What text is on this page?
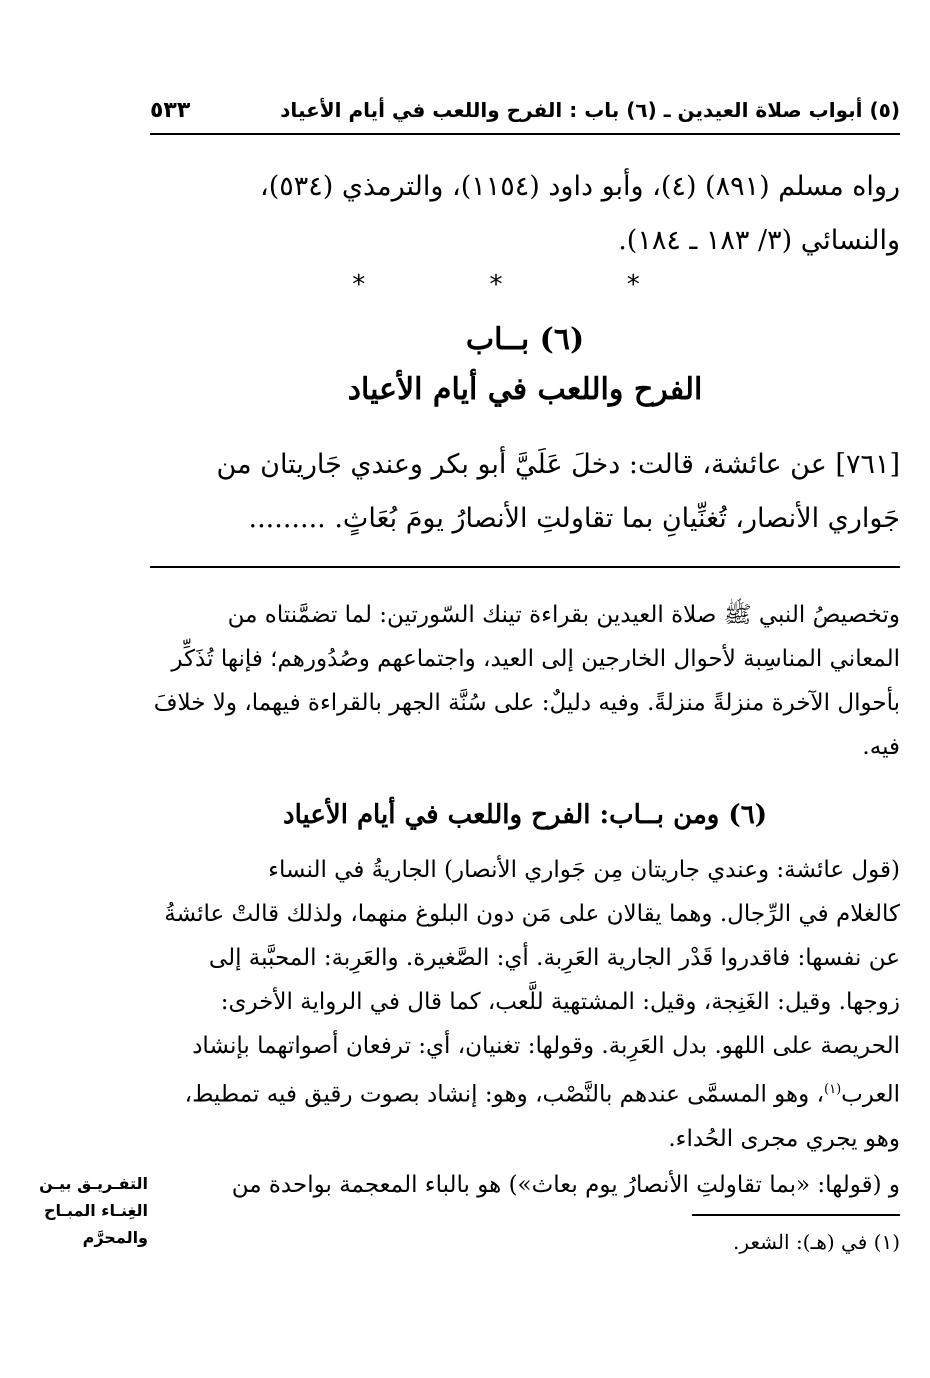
(٥) أبواب صلاة العيدين ـ (٦) باب : الفرح واللعب في أيام الأعياد
٥٣٣
رواه مسلم (٨٩١) (٤)، وأبو داود (١١٥٤)، والترمذي (٥٣٤)،
والنسائي (٣/ ١٨٣ ـ ١٨٤).
* * *
(٦) بــاب
الفرح واللعب في أيام الأعياد
[٧٦١] عن عائشة، قالت: دخلَ عَلَيَّ أبو بكر وعندي جَاريتان من
جَواري الأنصار، تُغنِّيانِ بما تقاولتِ الأنصارُ يومَ بُعَاثٍ. .........
وتخصيصُ النبي ﷺ صلاة العيدين بقراءة تينك السّورتين: لما تضمَّنتاه من
المعاني المناسِبة لأحوال الخارجين إلى العيد، واجتماعهم وصُدُورهم؛ فإنها تُذَكِّر
بأحوال الآخرة منزلةً منزلةً. وفيه دليلٌ: على سُنَّة الجهر بالقراءة فيهما، ولا خلافَ
فيه.
(٦) ومن بــاب: الفرح واللعب في أيام الأعياد
(قول عائشة: وعندي جاريتان مِن جَواري الأنصار) الجاريةُ في النساء
كالغلام في الرِّجال. وهما يقالان على مَن دون البلوغ منهما، ولذلك قالتْ عائشةُ
عن نفسها: فاقدروا قَدْر الجارية العَرِبة. أي: الصَّغيرة. والعَرِبة: المحبَّبة إلى
زوجها. وقيل: الغَنِجة، وقيل: المشتهية للَّعب، كما قال في الرواية الأخرى:
الحريصة على اللهو. بدل العَرِبة. وقولها: تغنيان، أي: ترفعان أصواتهما بإنشاد
العرب$^{(١)}$، وهو المسمَّى عندهم بالنَّصْب، وهو: إنشاد بصوت رقيق فيه تمطيط،
وهو يجري مجرى الحُداء.
و (قولها: «بما تقاولتِ الأنصارُ يوم بعاث») هو بالباء المعجمة بواحدة من
التفـريـق بيـن
الغِنـاء المبـاح
والمحرَّم	(١) في (هـ): الشعر.
